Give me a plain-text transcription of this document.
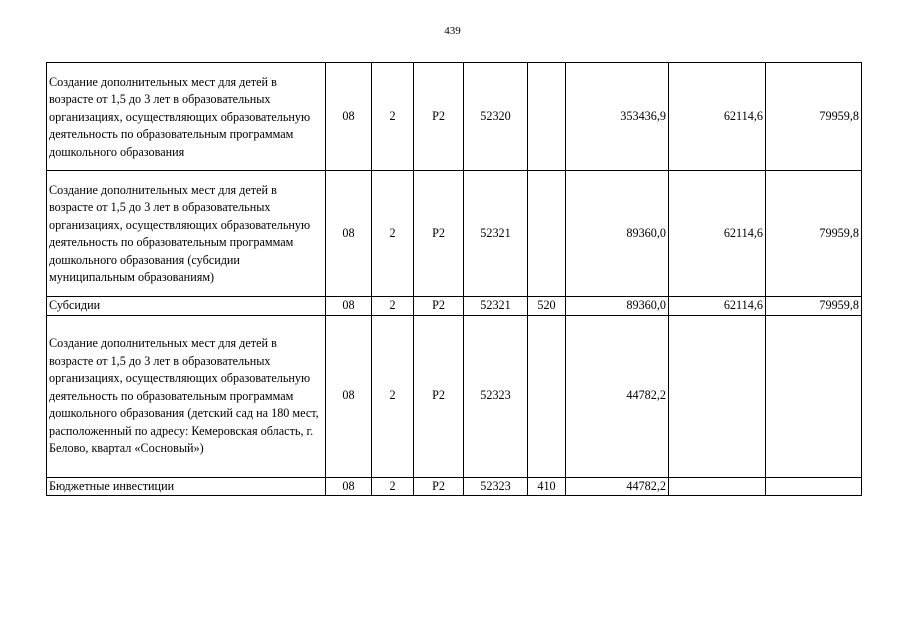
439
Создание дополнительных мест для детей в возрасте от 1,5 до 3 лет в образовательных организациях, осуществляющих образовательную деятельность по образовательным программам дошкольного образования	08	2	Р2	52320		353436,9	62114,6	79959,8
Создание дополнительных мест для детей в возрасте от 1,5 до 3 лет в образовательных организациях, осуществляющих образовательную деятельность по образовательным программам дошкольного образования (субсидии муниципальным образованиям)	08	2	Р2	52321		89360,0	62114,6	79959,8
Субсидии	08	2	Р2	52321	520	89360,0	62114,6	79959,8
Создание дополнительных мест для детей в возрасте от 1,5 до 3 лет в образовательных организациях, осуществляющих образовательную деятельность по образовательным программам дошкольного образования (детский сад на 180 мест, расположенный по адресу: Кемеровская область, г. Белово, квартал «Сосновый»)	08	2	Р2	52323		44782,2		
Бюджетные инвестиции	08	2	Р2	52323	410	44782,2		
